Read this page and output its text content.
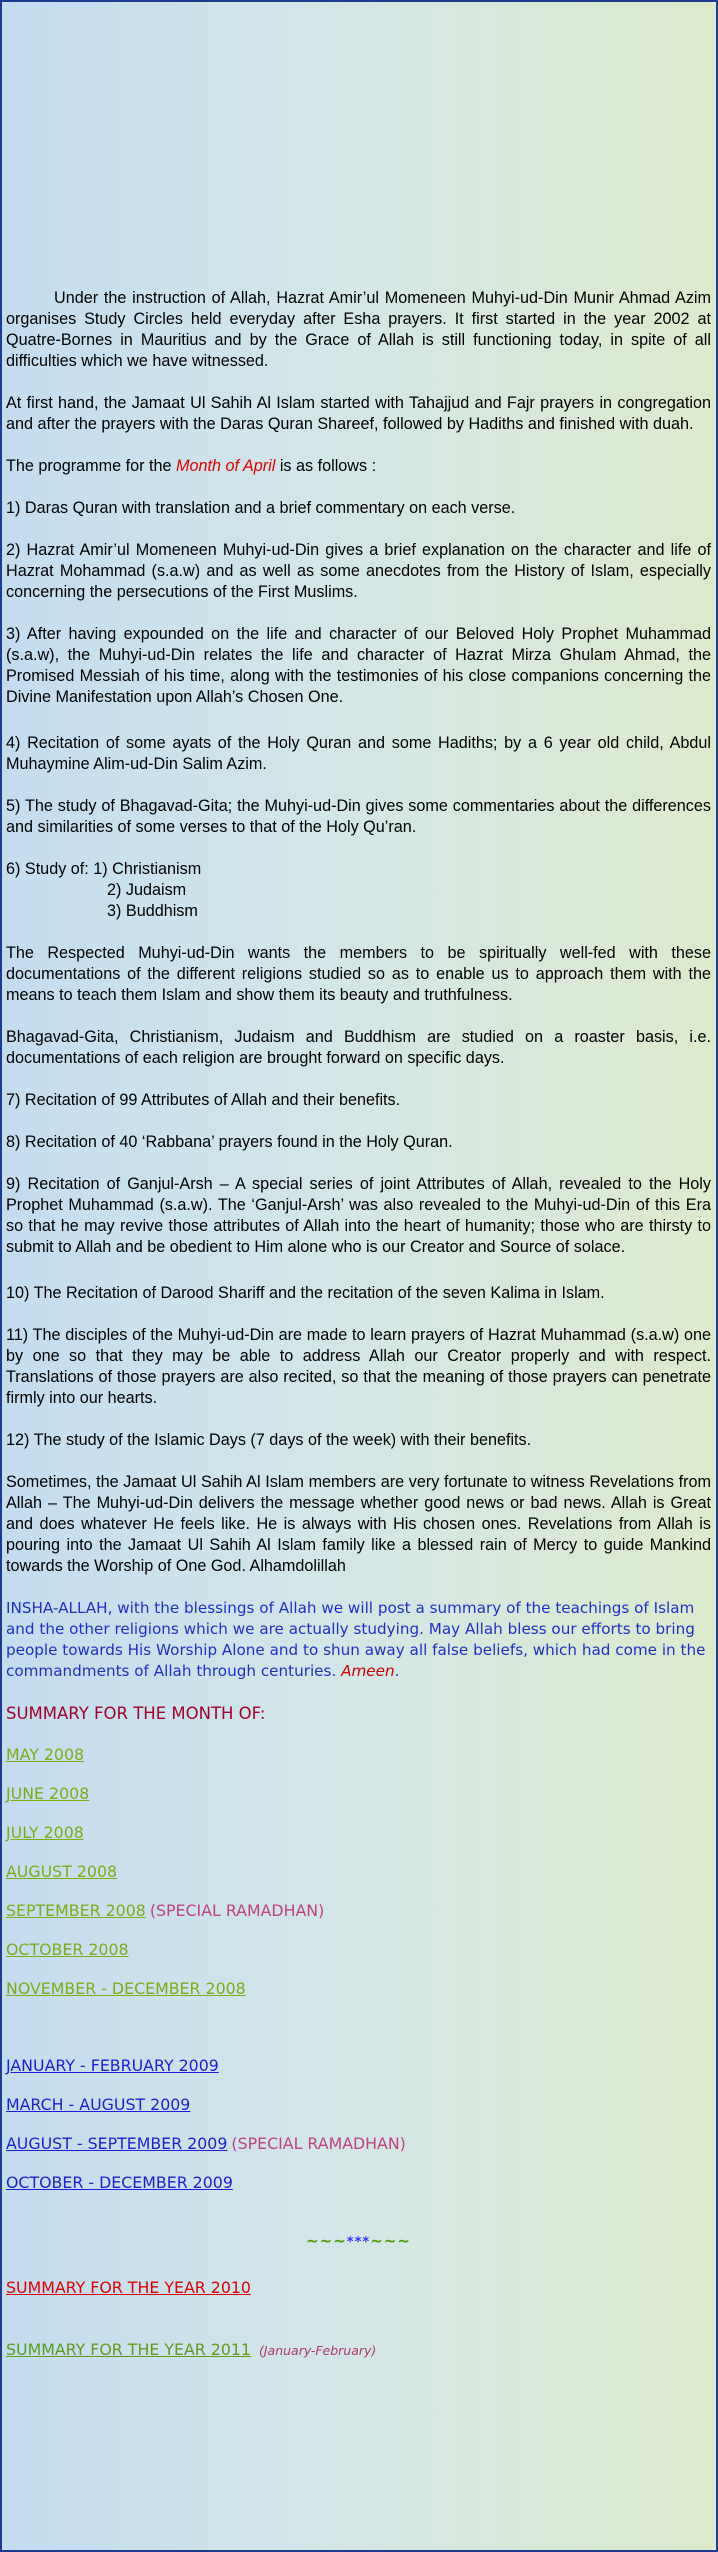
Under the instruction of Allah, Hazrat Amir’ul Momeneen Muhyi-ud-Din Munir Ahmad Azim organises Study Circles held everyday after Esha prayers. It first started in the year 2002 at Quatre-Bornes in Mauritius and by the Grace of Allah is still functioning today, in spite of all difficulties which we have witnessed.

At first hand, the Jamaat Ul Sahih Al Islam started with Tahajjud and Fajr prayers in congregation and after the prayers with the Daras Quran Shareef, followed by Hadiths and finished with duah.

The programme for the Month of April is as follows :

1) Daras Quran with translation and a brief commentary on each verse.

2) Hazrat Amir’ul Momeneen Muhyi-ud-Din gives a brief explanation on the character and life of Hazrat Mohammad (s.a.w) and as well as some anecdotes from the History of Islam, especially concerning the persecutions of the First Muslims.

3) After having expounded on the life and character of our Beloved Holy Prophet Muhammad (s.a.w), the Muhyi-ud-Din relates the life and character of Hazrat Mirza Ghulam Ahmad, the Promised Messiah of his time, along with the testimonies of his close companions concerning the Divine Manifestation upon Allah’s Chosen One.

4) Recitation of some ayats of the Holy Quran and some Hadiths; by a 6 year old child, Abdul Muhaymine Alim-ud-Din Salim Azim.

5) The study of Bhagavad-Gita; the Muhyi-ud-Din gives some commentaries about the differences and similarities of some verses to that of the Holy Qu’ran.

6) Study of: 1) Christianism
2) Judaism
3) Buddhism

The Respected Muhyi-ud-Din wants the members to be spiritually well-fed with these documentations of the different religions studied so as to enable us to approach them with the means to teach them Islam and show them its beauty and truthfulness.

Bhagavad-Gita, Christianism, Judaism and Buddhism are studied on a roaster basis, i.e. documentations of each religion are brought forward on specific days.

7) Recitation of 99 Attributes of Allah and their benefits.

8) Recitation of 40 ‘Rabbana’ prayers found in the Holy Quran.

9) Recitation of Ganjul-Arsh – A special series of joint Attributes of Allah, revealed to the Holy Prophet Muhammad (s.a.w). The ‘Ganjul-Arsh’ was also revealed to the Muhyi-ud-Din of this Era so that he may revive those attributes of Allah into the heart of humanity; those who are thirsty to submit to Allah and be obedient to Him alone who is our Creator and Source of solace.

10) The Recitation of Darood Shariff and the recitation of the seven Kalima in Islam.

11) The disciples of the Muhyi-ud-Din are made to learn prayers of Hazrat Muhammad (s.a.w) one by one so that they may be able to address Allah our Creator properly and with respect. Translations of those prayers are also recited, so that the meaning of those prayers can penetrate firmly into our hearts.

12) The study of the Islamic Days (7 days of the week) with their benefits.

Sometimes, the Jamaat Ul Sahih Al Islam members are very fortunate to witness Revelations from Allah – The Muhyi-ud-Din delivers the message whether good news or bad news. Allah is Great and does whatever He feels like. He is always with His chosen ones. Revelations from Allah is pouring into the Jamaat Ul Sahih Al Islam family like a blessed rain of Mercy to guide Mankind towards the Worship of One God. Alhamdolillah

INSHA-ALLAH, with the blessings of Allah we will post a summary of the teachings of Islam and the other religions which we are actually studying. May Allah bless our efforts to bring people towards His Worship Alone and to shun away all false beliefs, which had come in the commandments of Allah through centuries. Ameen.

SUMMARY FOR THE MONTH OF:
MAY 2008
JUNE 2008
JULY 2008
AUGUST 2008
SEPTEMBER 2008 (SPECIAL RAMADHAN)
OCTOBER 2008
NOVEMBER - DECEMBER 2008
JANUARY - FEBRUARY 2009
MARCH - AUGUST 2009
AUGUST - SEPTEMBER 2009 (SPECIAL RAMADHAN)
OCTOBER - DECEMBER 2009
~~~***~~~
SUMMARY FOR THE YEAR 2010
SUMMARY FOR THE YEAR 2011 (January-February)
